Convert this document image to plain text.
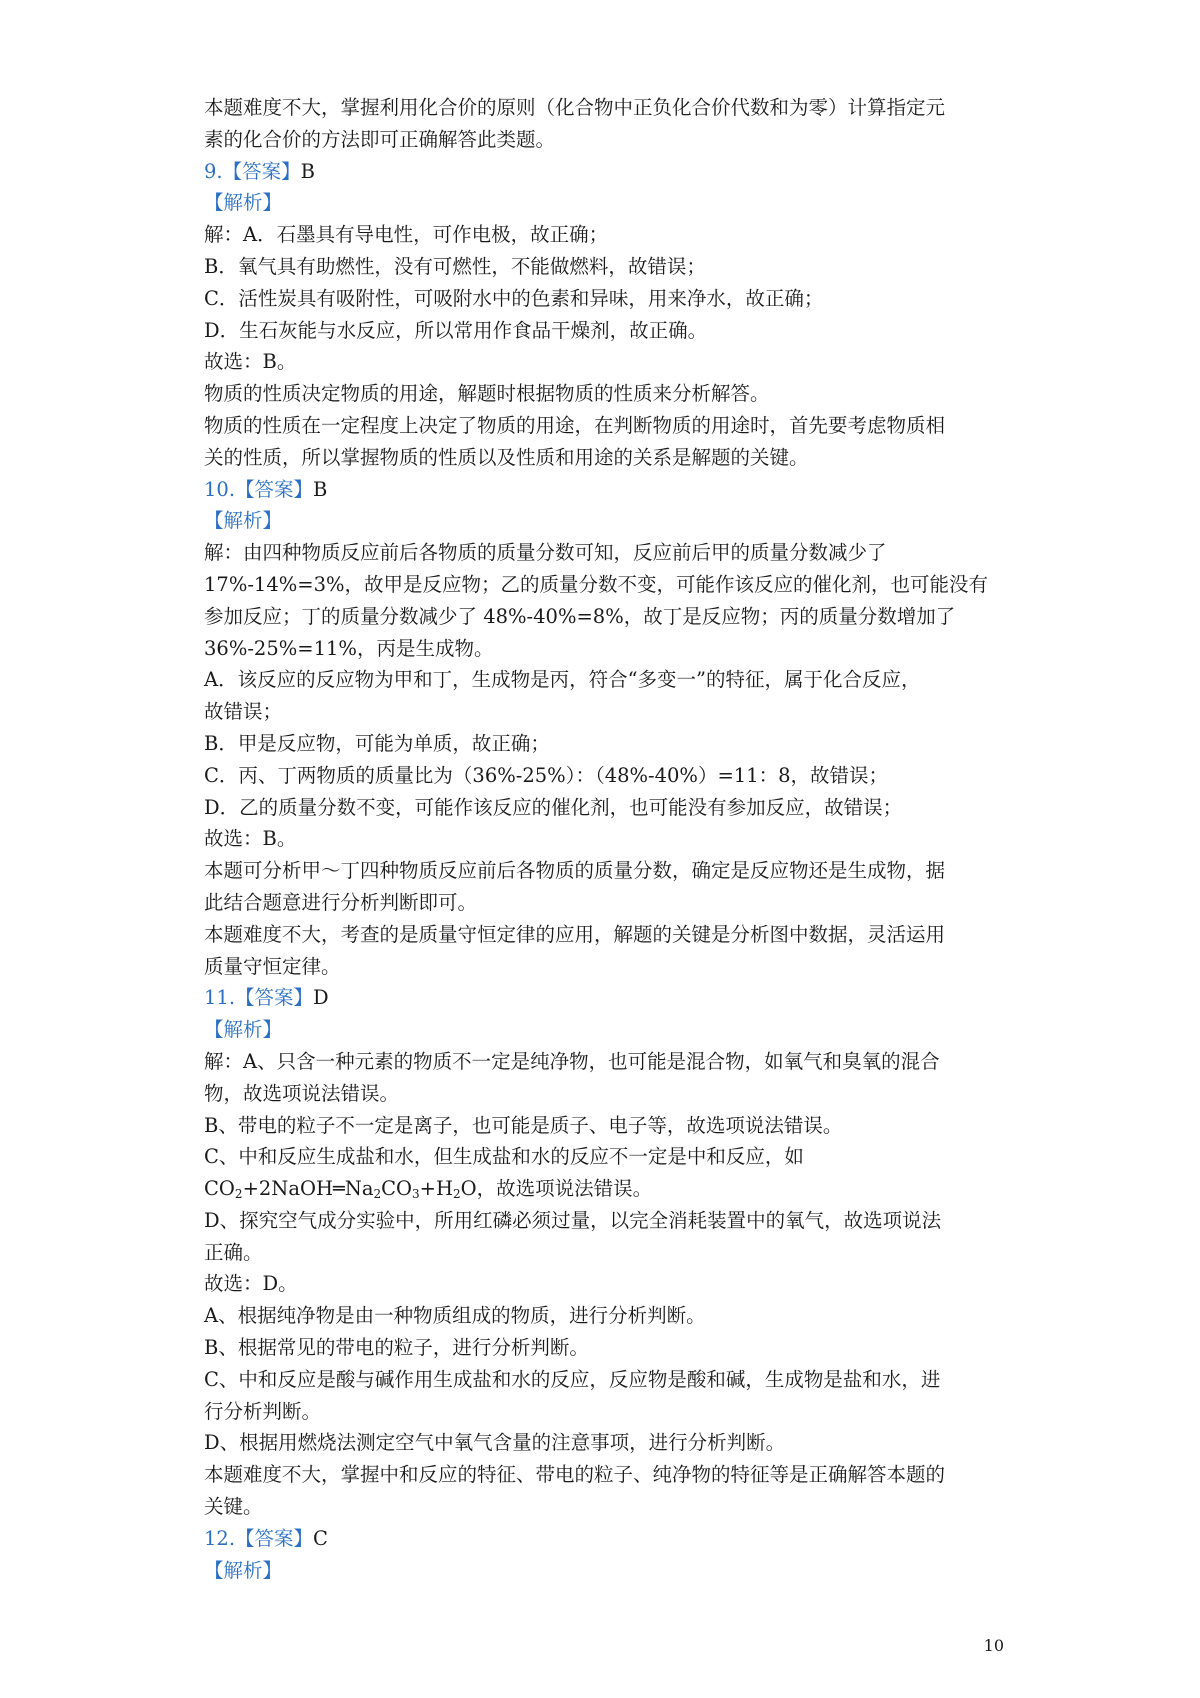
本题难度不大，掌握利用化合价的原则（化合物中正负化合价代数和为零）计算指定元
素的化合价的方法即可正确解答此类题。
9.【答案】B
【解析】
解：A．石墨具有导电性，可作电极，故正确；
B．氧气具有助燃性，没有可燃性，不能做燃料，故错误；
C．活性炭具有吸附性，可吸附水中的色素和异味，用来净水，故正确；
D．生石灰能与水反应，所以常用作食品干燥剂，故正确。
故选：B。
物质的性质决定物质的用途，解题时根据物质的性质来分析解答。
物质的性质在一定程度上决定了物质的用途，在判断物质的用途时，首先要考虑物质相
关的性质，所以掌握物质的性质以及性质和用途的关系是解题的关键。
10.【答案】B
【解析】
解：由四种物质反应前后各物质的质量分数可知，反应前后甲的质量分数减少了
17%-14%=3%，故甲是反应物；乙的质量分数不变，可能作该反应的催化剂，也可能没有
参加反应；丁的质量分数减少了 48%-40%=8%，故丁是反应物；丙的质量分数增加了
36%-25%=11%，丙是生成物。
A．该反应的反应物为甲和丁，生成物是丙，符合“多变一”的特征，属于化合反应，
故错误；
B．甲是反应物，可能为单质，故正确；
C．丙、丁两物质的质量比为（36%-25%）：（48%-40%）=11：8，故错误；
D．乙的质量分数不变，可能作该反应的催化剂，也可能没有参加反应，故错误；
故选：B。
本题可分析甲～丁四种物质反应前后各物质的质量分数，确定是反应物还是生成物，据
此结合题意进行分析判断即可。
本题难度不大，考查的是质量守恒定律的应用，解题的关键是分析图中数据，灵活运用
质量守恒定律。
11.【答案】D
【解析】
解：A、只含一种元素的物质不一定是纯净物，也可能是混合物，如氧气和臭氧的混合
物，故选项说法错误。
B、带电的粒子不一定是离子，也可能是质子、电子等，故选项说法错误。
C、中和反应生成盐和水，但生成盐和水的反应不一定是中和反应，如
$CO_2+2NaOH═Na_2CO_3+H_2O$，故选项说法错误。
D、探究空气成分实验中，所用红磷必须过量，以完全消耗装置中的氧气，故选项说法
正确。
故选：D。
A、根据纯净物是由一种物质组成的物质，进行分析判断。
B、根据常见的带电的粒子，进行分析判断。
C、中和反应是酸与碱作用生成盐和水的反应，反应物是酸和碱，生成物是盐和水，进
行分析判断。
D、根据用燃烧法测定空气中氧气含量的注意事项，进行分析判断。
本题难度不大，掌握中和反应的特征、带电的粒子、纯净物的特征等是正确解答本题的
关键。
12.【答案】C
【解析】
10
